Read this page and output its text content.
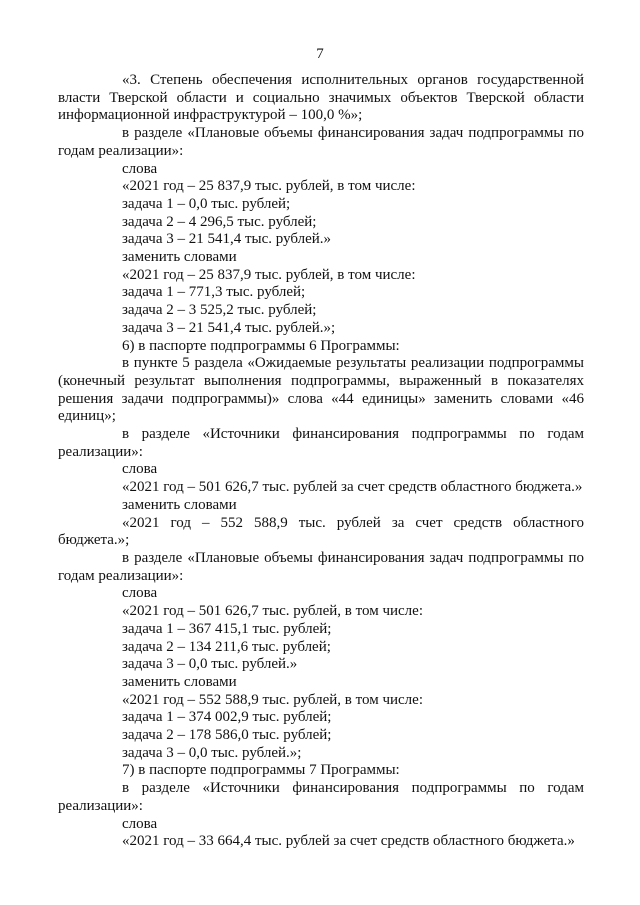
7

«3. Степень обеспечения исполнительных органов государственной власти Тверской области и социально значимых объектов Тверской области информационной инфраструктурой – 100,0 %»;

в разделе «Плановые объемы финансирования задач подпрограммы по годам реализации»:

слова

«2021 год – 25 837,9 тыс. рублей, в том числе:

задача 1 – 0,0 тыс. рублей;

задача 2 – 4 296,5 тыс. рублей;

задача 3 – 21 541,4 тыс. рублей.»

заменить словами

«2021 год – 25 837,9 тыс. рублей, в том числе:

задача 1 – 771,3 тыс. рублей;

задача 2 – 3 525,2 тыс. рублей;

задача 3 – 21 541,4 тыс. рублей.»;

6) в паспорте подпрограммы 6 Программы:

в пункте 5 раздела «Ожидаемые результаты реализации подпрограммы (конечный результат выполнения подпрограммы, выраженный в показателях решения задачи подпрограммы)» слова «44 единицы» заменить словами «46 единиц»;

в разделе «Источники финансирования подпрограммы по годам реализации»:

слова

«2021 год – 501 626,7 тыс. рублей за счет средств областного бюджета.»

заменить словами

«2021 год – 552 588,9 тыс. рублей за счет средств областного бюджета.»;

в разделе «Плановые объемы финансирования задач подпрограммы по годам реализации»:

слова

«2021 год – 501 626,7 тыс. рублей, в том числе:

задача 1 – 367 415,1 тыс. рублей;

задача 2 – 134 211,6 тыс. рублей;

задача 3 – 0,0 тыс. рублей.»

заменить словами

«2021 год – 552 588,9 тыс. рублей, в том числе:

задача 1 – 374 002,9 тыс. рублей;

задача 2 – 178 586,0 тыс. рублей;

задача 3 – 0,0 тыс. рублей.»;

7) в паспорте подпрограммы 7 Программы:

в разделе «Источники финансирования подпрограммы по годам реализации»:

слова

«2021 год – 33 664,4 тыс. рублей за счет средств областного бюджета.»
